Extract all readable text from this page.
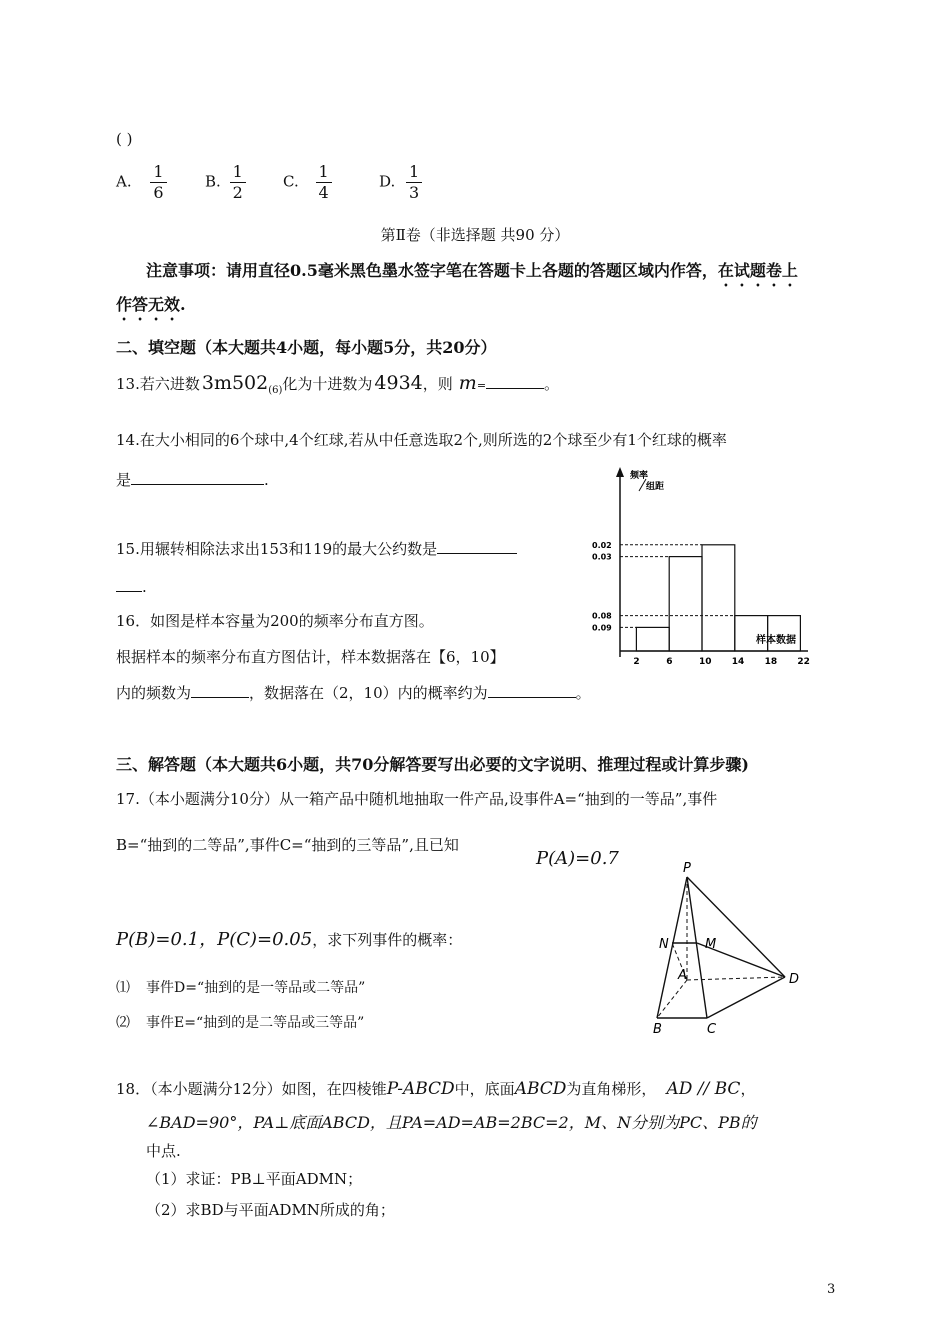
( )
A. $\frac{1}{6}$	B. $\frac{1}{2} C$. $\frac{1}{4}$	D. $\frac{1}{3}$
第Ⅱ卷（非选择题 共90 分）
注意事项：请用直径0.5毫米黑色墨水签字笔在答题卡上各题的答题区域内作答，在试题卷上
作答无效.
二、填空题（本大题共4小题，每小题5分，共20分）
13.若六进数 $3m502_{(6)}$化为十进数为 4934，则 m=	。
14.在大小相同的6个球中,4个红球,若从中任意选取2个,则所选的2个球至少有1个红球的概率
是	.
15.用辗转相除法求出153和119的最大公约数是
.
16．如图是样本容量为200的频率分布直方图。
根据样本的频率分布直方图估计，样本数据落在【6，10】
内的频数为	，数据落在（2，10）内的概率约为	。
频率
组距
0.09
0.08
0.03
0.02
2	6	10 14 18 22
样本数据
三、解答题（本大题共6小题，共70分解答要写出必要的文字说明、推理过程或计算步骤)
17.（本小题满分10分）从一箱产品中随机地抽取一件产品,设事件A=“抽到的一等品”,事件
B=“抽到的二等品”,事件C=“抽到的三等品”,且已知
P(A)=0.7
P(B)=0.1，P(C)=0.05，求下列事件的概率：
⑴ 事件D=“抽到的是一等品或二等品”
⑵ 事件E=“抽到的是二等品或三等品”
P
N	M
A	D
B	C
18．（本小题满分12分）如图，在四棱锥P-ABCD中，底面ABCD为直角梯形， AD // BC，
∠BAD=90°，PA⊥底面ABCD，且PA=AD=AB=2BC=2，M、N分别为PC、PB的
中点.
（1）求证：PB⊥平面ADMN；
（2）求BD与平面ADMN所成的角；
3
